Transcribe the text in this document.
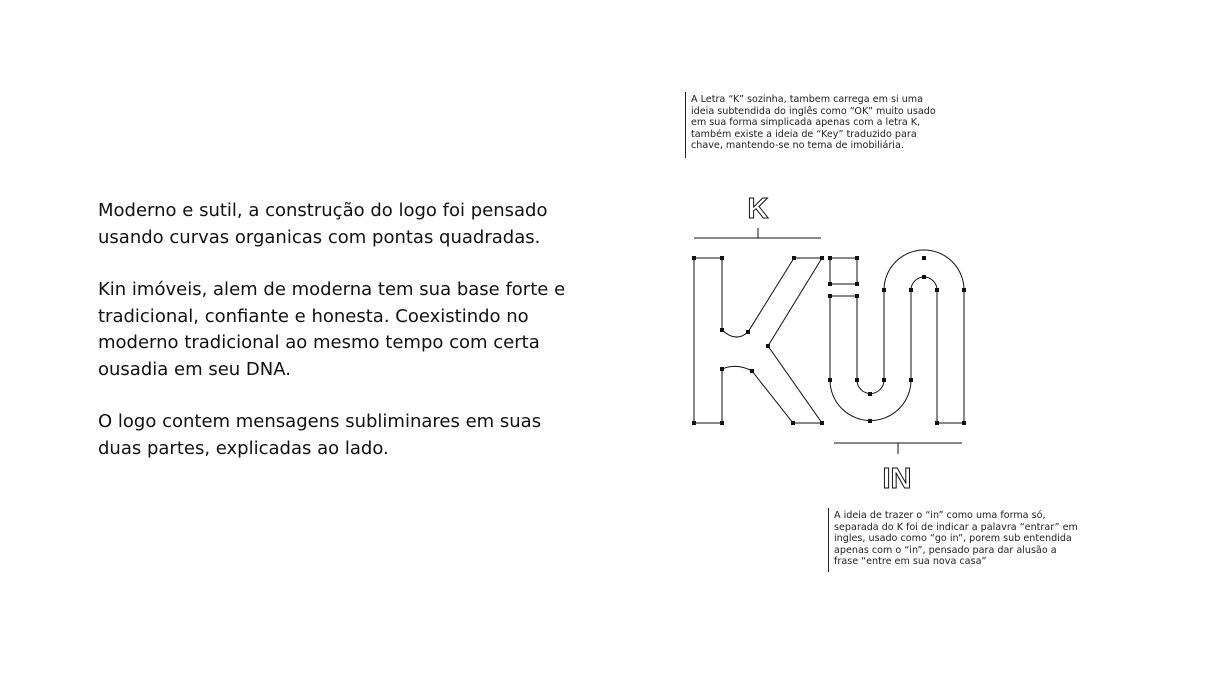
Moderno e sutil, a construção do logo foi pensado usando curvas organicas com pontas quadradas.

Kin imóveis, alem de moderna tem sua base forte e tradicional, confiante e honesta. Coexistindo no moderno tradicional ao mesmo tempo com certa ousadia em seu DNA.

O logo contem mensagens subliminares em suas duas partes, explicadas ao lado.

A Letra “K” sozinha, tambem carrega em si uma ideia subtendida do inglês como “OK” muito usado em sua forma simplicada apenas com a letra K, também existe a ideia de “Key” traduzido para chave, mantendo-se no tema de imobiliária.
A ideia de trazer o “in” como uma forma só, separada do K foi de indicar a palavra “entrar” em ingles, usado como “go in”, porem sub entendida apenas com o “in”, pensado para dar alusão a frase “entre em sua nova casa”
K
IN
